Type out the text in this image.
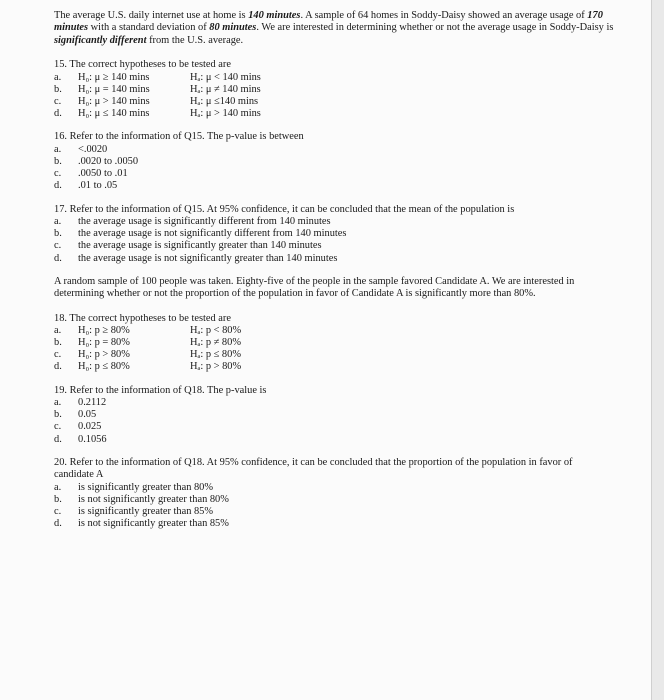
The average U.S. daily internet use at home is 140 minutes. A sample of 64 homes in Soddy-Daisy showed an average usage of 170 minutes with a standard deviation of 80 minutes. We are interested in determining whether or not the average usage in Soddy-Daisy is significantly different from the U.S. average.

15. The correct hypotheses to be tested are

a.	H₀: μ ≥ 140 mins	Hₐ: μ < 140 mins
b.	H₀: μ = 140 mins	Hₐ: μ ≠ 140 mins
c.	H₀: μ > 140 mins	Hₐ: μ ≤140 mins
d.	H₀: μ ≤ 140 mins	Hₐ: μ > 140 mins

16. Refer to the information of Q15. The p-value is between

a.	<.0020
b.	.0020 to .0050
c.	.0050 to .01
d.	.01 to .05

17. Refer to the information of Q15. At 95% confidence, it can be concluded that the mean of the population is

a.	the average usage is significantly different from 140 minutes
b.	the average usage is not significantly different from 140 minutes
c.	the average usage is significantly greater than 140 minutes
d.	the average usage is not significantly greater than 140 minutes

A random sample of 100 people was taken. Eighty-five of the people in the sample favored Candidate A. We are interested in determining whether or not the proportion of the population in favor of Candidate A is significantly more than 80%.

18. The correct hypotheses to be tested are

a.	H₀: p ≥ 80%	Hₐ: p < 80%
b.	H₀: p = 80%	Hₐ: p ≠ 80%
c.	H₀: p > 80%	Hₐ: p ≤ 80%
d.	H₀: p ≤ 80%	Hₐ: p > 80%

19. Refer to the information of Q18. The p-value is

a.	0.2112
b.	0.05
c.	0.025
d.	0.1056

20. Refer to the information of Q18. At 95% confidence, it can be concluded that the proportion of the population in favor of candidate A

a.	is significantly greater than 80%
b.	is not significantly greater than 80%
c.	is significantly greater than 85%
d.	is not significantly greater than 85%
